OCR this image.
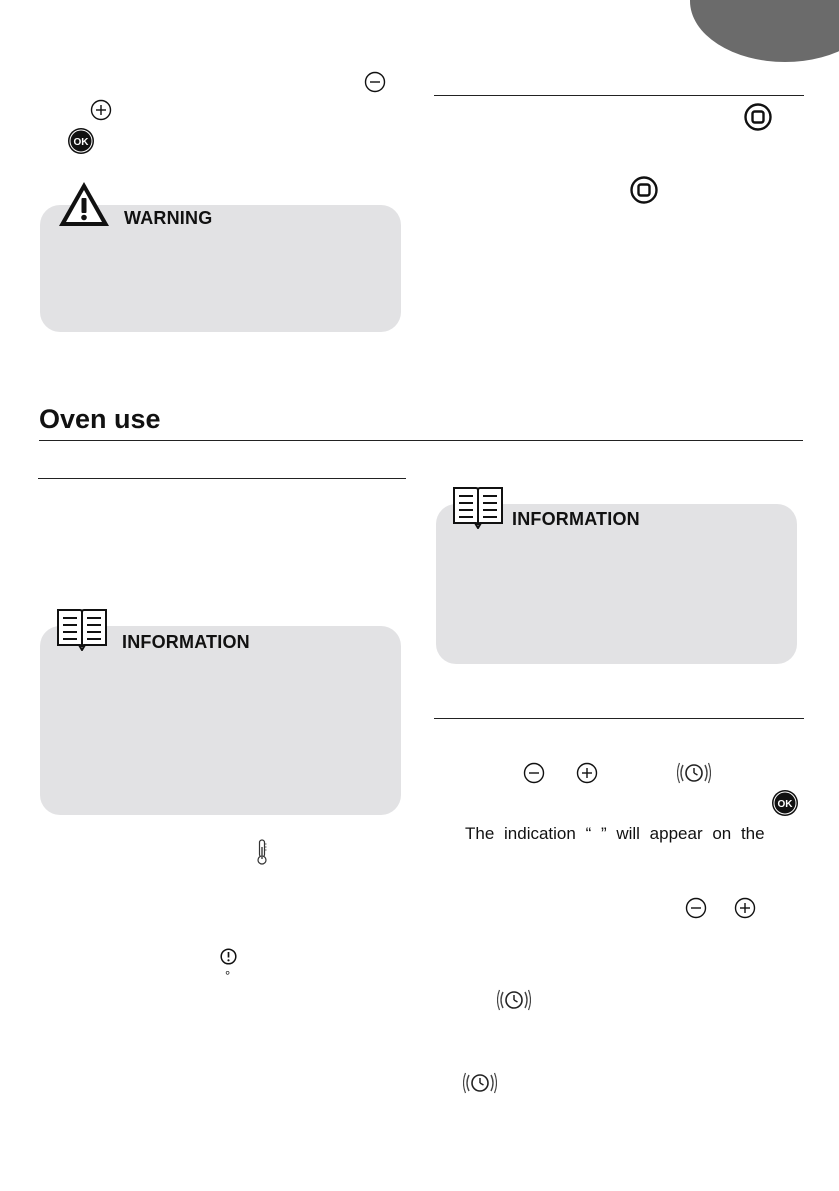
OK
WARNING
Oven use
INFORMATION
°
INFORMATION
OK
The indication “ ” will appear on the
